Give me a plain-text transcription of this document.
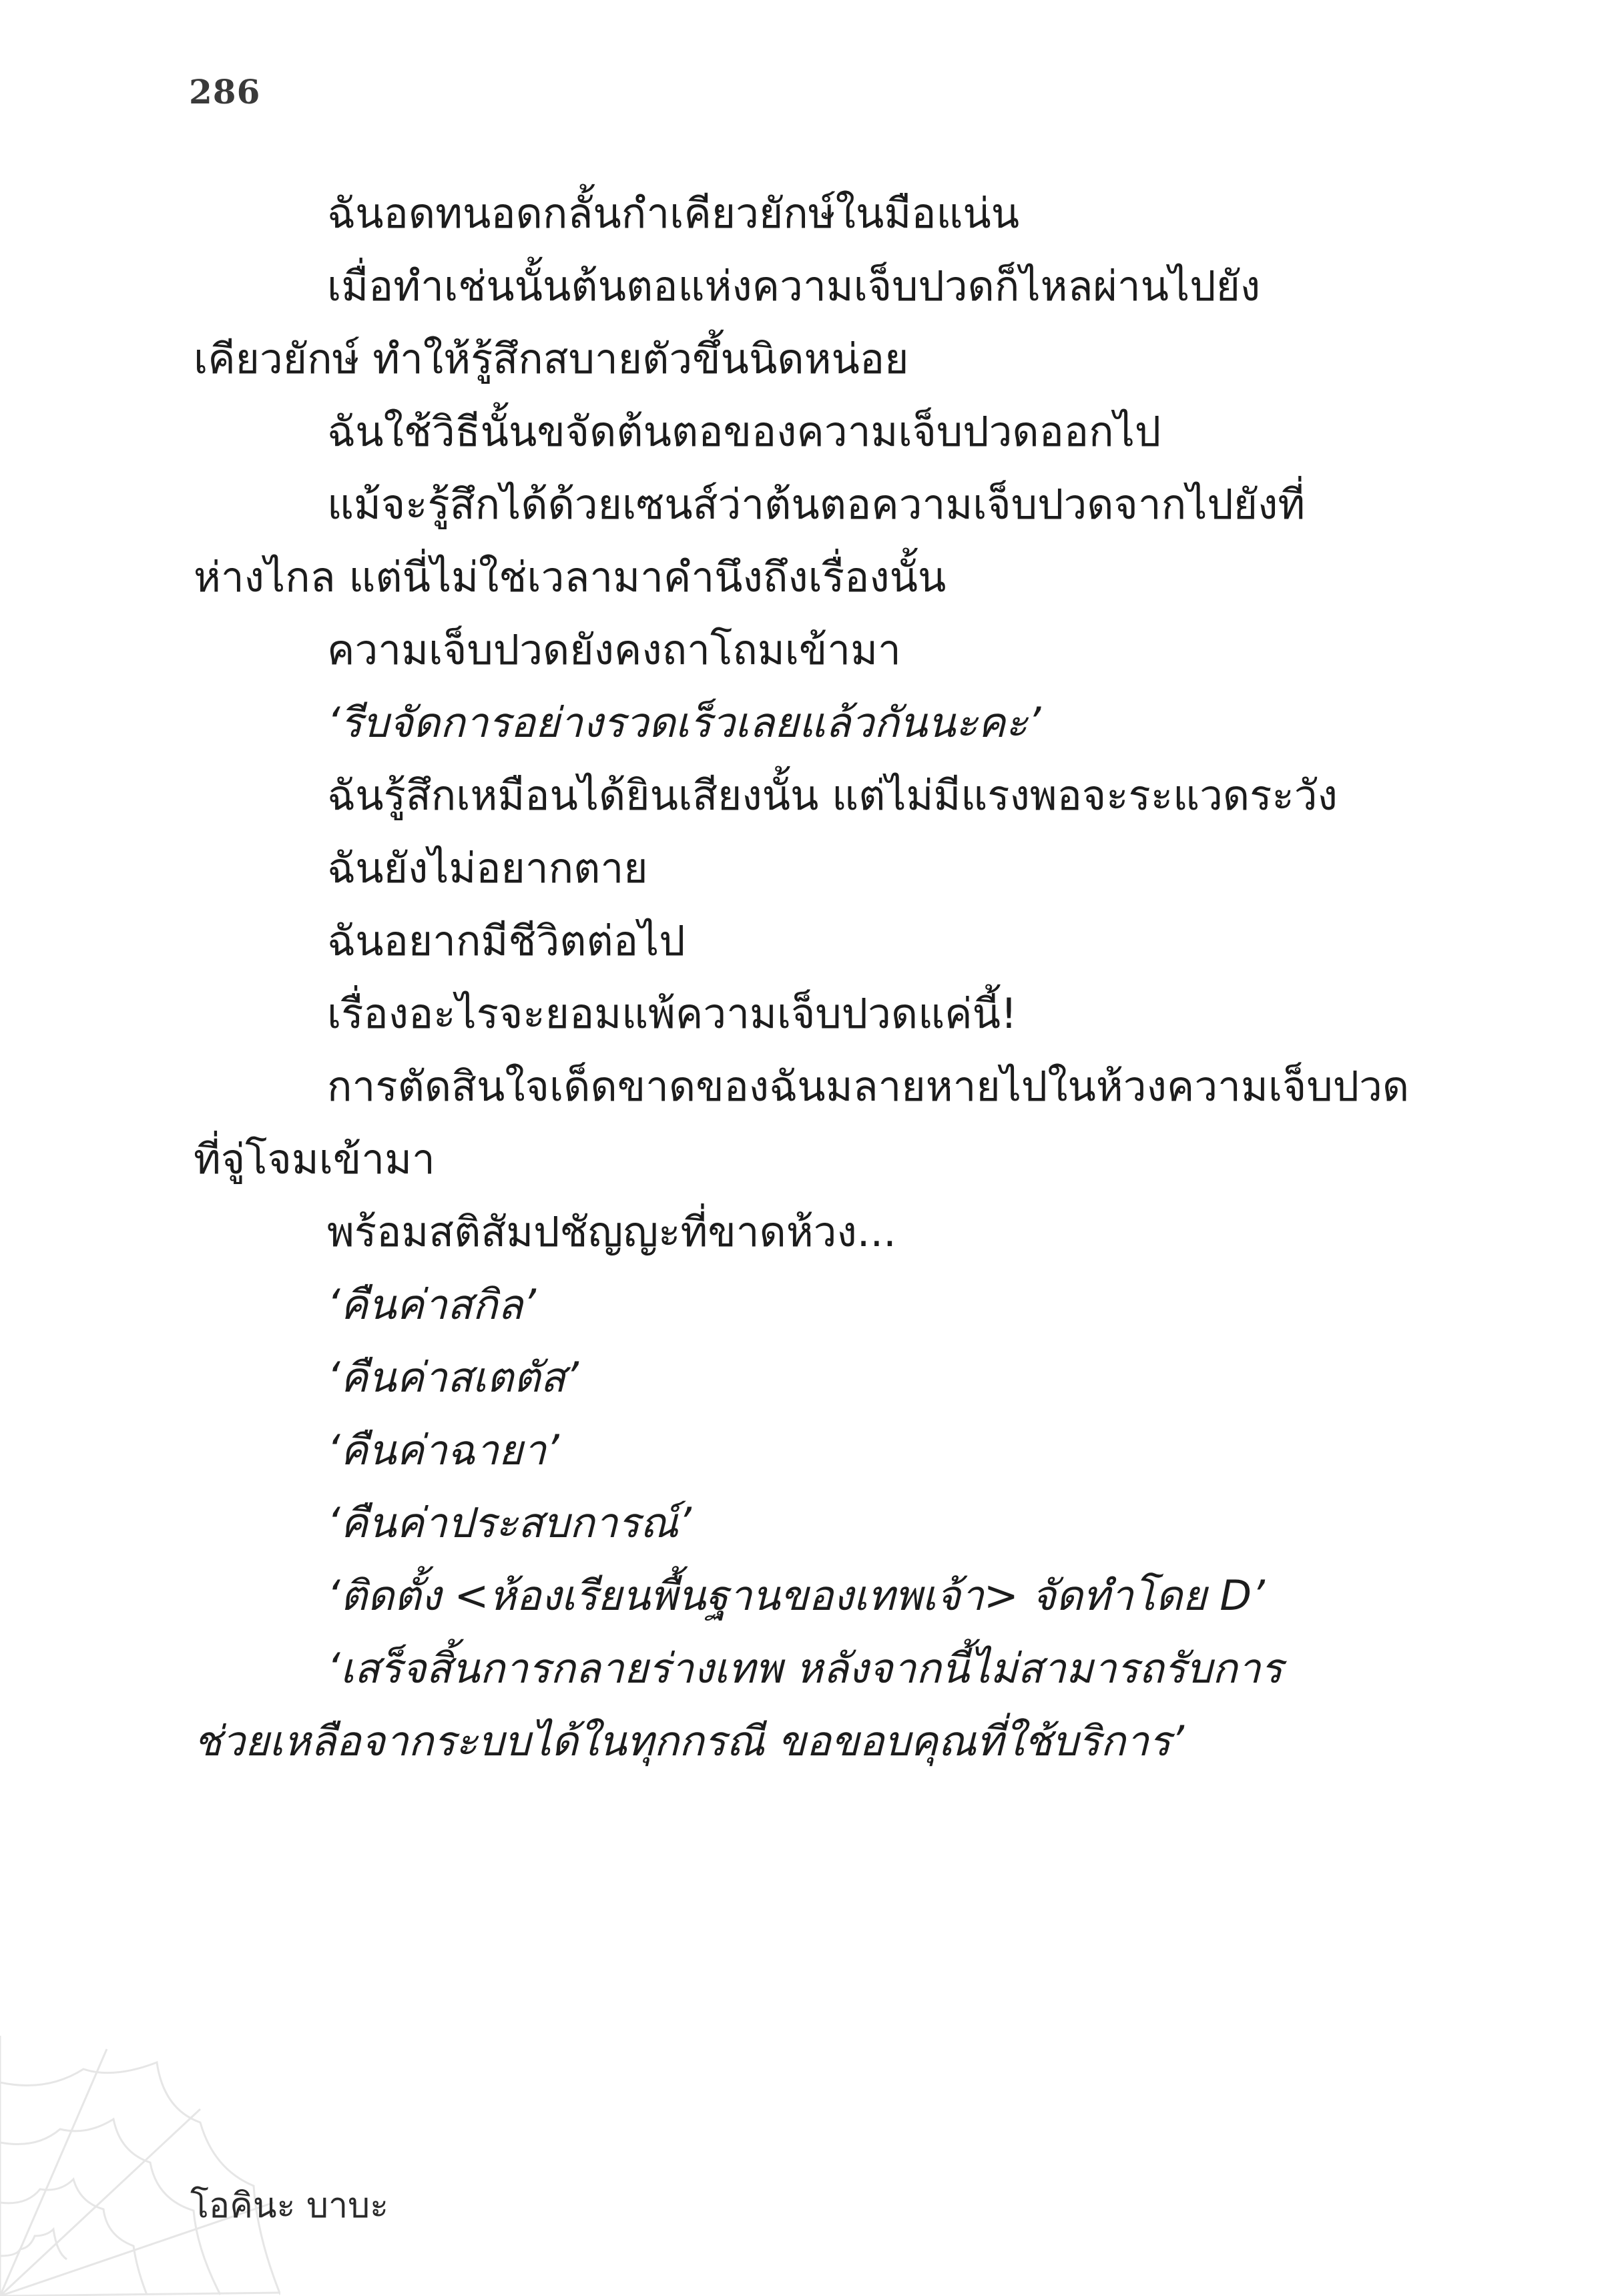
286
ฉันอดทนอดกลั้นกำเคียวยักษ์ในมือแน่น
เมื่อทำเช่นนั้นต้นตอแห่งความเจ็บปวดก็ไหลผ่านไปยัง
เคียวยักษ์ ทำให้รู้สึกสบายตัวขึ้นนิดหน่อย
ฉันใช้วิธีนั้นขจัดต้นตอของความเจ็บปวดออกไป
แม้จะรู้สึกได้ด้วยเซนส์ว่าต้นตอความเจ็บปวดจากไปยังที่
ห่างไกล แต่นี่ไม่ใช่เวลามาคำนึงถึงเรื่องนั้น
ความเจ็บปวดยังคงถาโถมเข้ามา
‘รีบจัดการอย่างรวดเร็วเลยแล้วกันนะคะ’
ฉันรู้สึกเหมือนได้ยินเสียงนั้น แต่ไม่มีแรงพอจะระแวดระวัง
ฉันยังไม่อยากตาย
ฉันอยากมีชีวิตต่อไป
เรื่องอะไรจะยอมแพ้ความเจ็บปวดแค่นี้!
การตัดสินใจเด็ดขาดของฉันมลายหายไปในห้วงความเจ็บปวด
ที่จู่โจมเข้ามา
พร้อมสติสัมปชัญญะที่ขาดห้วง...
‘คืนค่าสกิล’
‘คืนค่าสเตตัส’
‘คืนค่าฉายา’
‘คืนค่าประสบการณ์’
‘ติดตั้ง <ห้องเรียนพื้นฐานของเทพเจ้า> จัดทำโดย D’
‘เสร็จสิ้นการกลายร่างเทพ หลังจากนี้ไม่สามารถรับการ
ช่วยเหลือจากระบบได้ในทุกกรณี ขอขอบคุณที่ใช้บริการ’
โอคินะ บาบะ
